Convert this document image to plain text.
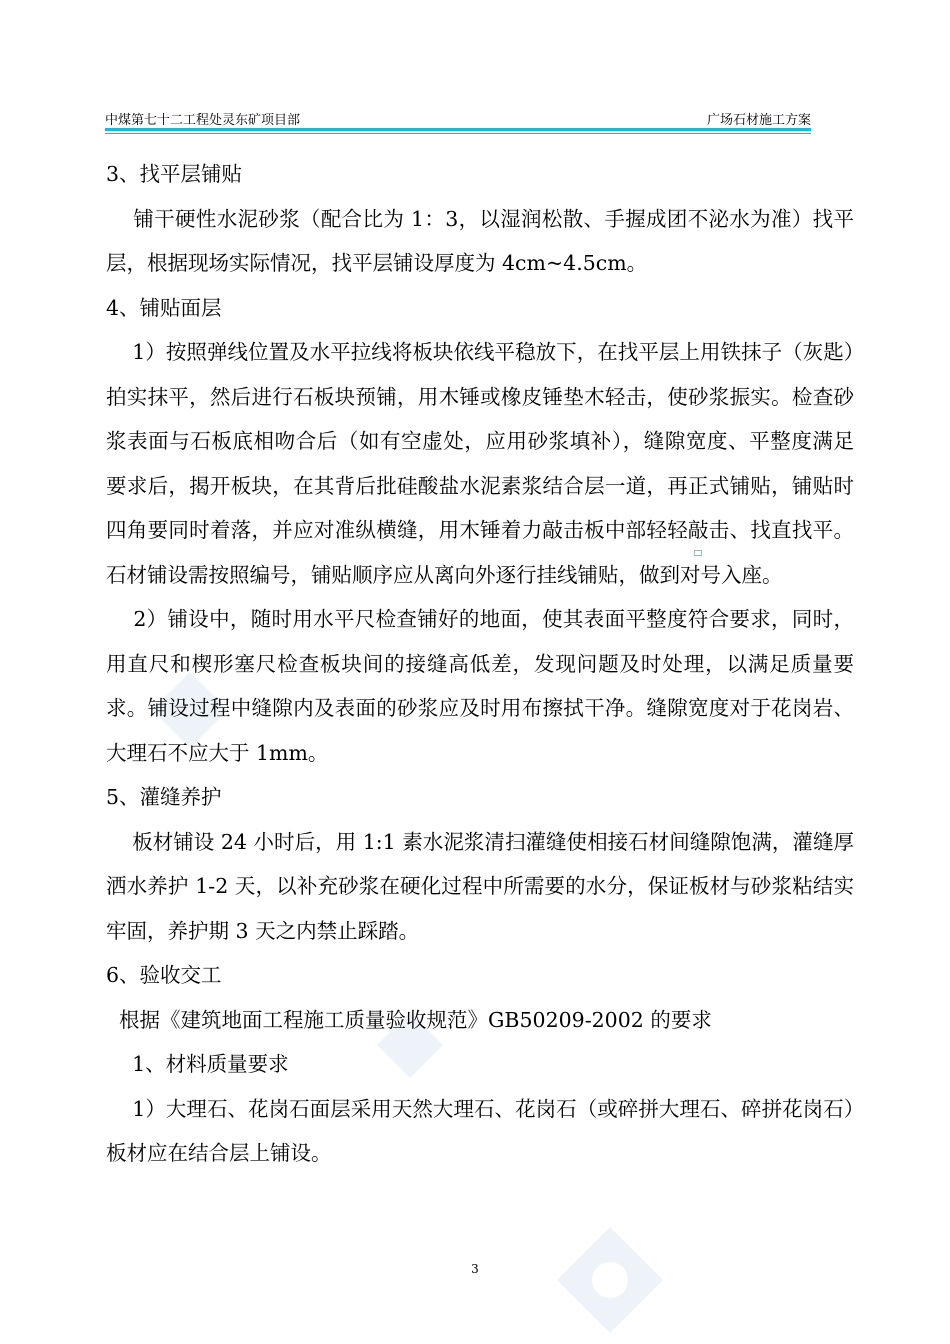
中煤第七十二工程处灵东矿项目部	广场石材施工方案

3、找平层铺贴

铺干硬性水泥砂浆（配合比为 1：3，以湿润松散、手握成团不泌水为准）找平层，根据现场实际情况，找平层铺设厚度为 4cm~4.5cm。

4、铺贴面层

1）按照弹线位置及水平拉线将板块依线平稳放下，在找平层上用铁抹子（灰匙）拍实抹平，然后进行石板块预铺，用木锤或橡皮锤垫木轻击，使砂浆振实。检查砂浆表面与石板底相吻合后（如有空虚处，应用砂浆填补），缝隙宽度、平整度满足要求后，揭开板块，在其背后批硅酸盐水泥素浆结合层一道，再正式铺贴，铺贴时四角要同时着落，并应对准纵横缝，用木锤着力敲击板中部轻轻敲击、找直找平。石材铺设需按照编号，铺贴顺序应从离向外逐行挂线铺贴，做到对号入座。

2）铺设中，随时用水平尺检查铺好的地面，使其表面平整度符合要求，同时，用直尺和楔形塞尺检查板块间的接缝高低差，发现问题及时处理，以满足质量要求。铺设过程中缝隙内及表面的砂浆应及时用布擦拭干净。缝隙宽度对于花岗岩、大理石不应大于 1mm。

5、灌缝养护

板材铺设 24 小时后，用 1:1 素水泥浆清扫灌缝使相接石材间缝隙饱满，灌缝厚洒水养护 1-2 天，以补充砂浆在硬化过程中所需要的水分，保证板材与砂浆粘结实牢固，养护期 3 天之内禁止踩踏。

6、验收交工

根据《建筑地面工程施工质量验收规范》GB50209-2002 的要求

1、材料质量要求

1）大理石、花岗石面层采用天然大理石、花岗石（或碎拼大理石、碎拼花岗石）板材应在结合层上铺设。

3
